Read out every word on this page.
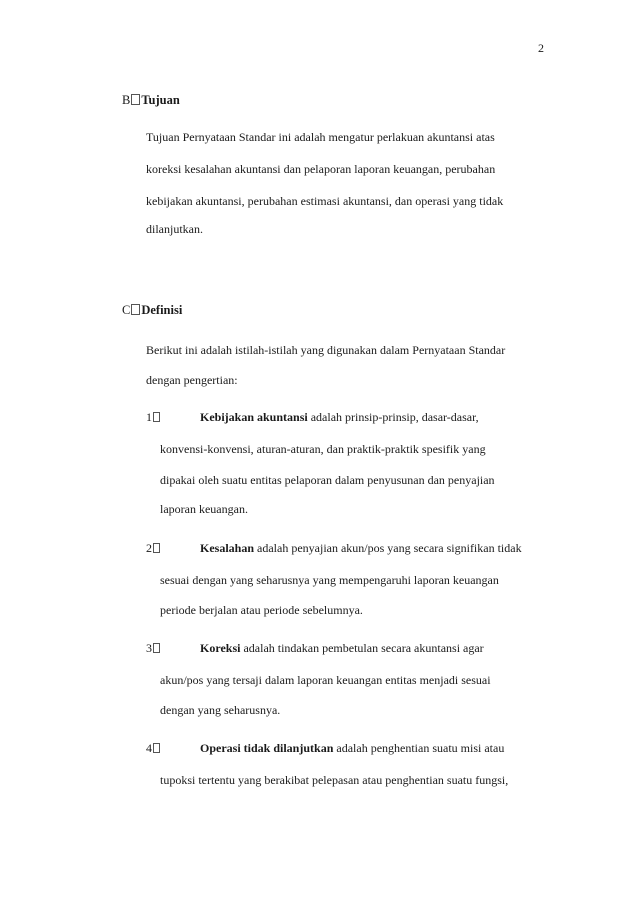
2
B Tujuan
Tujuan Pernyataan Standar ini adalah mengatur perlakuan akuntansi atas
koreksi kesalahan akuntansi dan pelaporan laporan keuangan, perubahan
kebijakan akuntansi, perubahan estimasi akuntansi, dan operasi yang tidak
dilanjutkan.
C Definisi
Berikut ini adalah istilah-istilah yang digunakan dalam Pernyataan Standar
dengan pengertian:
1	Kebijakan akuntansi adalah prinsip-prinsip, dasar-dasar,
konvensi-konvensi, aturan-aturan, dan praktik-praktik spesifik yang
dipakai oleh suatu entitas pelaporan dalam penyusunan dan penyajian
laporan keuangan.
2	Kesalahan adalah penyajian akun/pos yang secara signifikan tidak
sesuai dengan yang seharusnya yang mempengaruhi laporan keuangan
periode berjalan atau periode sebelumnya.
3	Koreksi adalah tindakan pembetulan secara akuntansi agar
akun/pos yang tersaji dalam laporan keuangan entitas menjadi sesuai
dengan yang seharusnya.
4	Operasi tidak dilanjutkan adalah penghentian suatu misi atau
tupoksi tertentu yang berakibat pelepasan atau penghentian suatu fungsi,
